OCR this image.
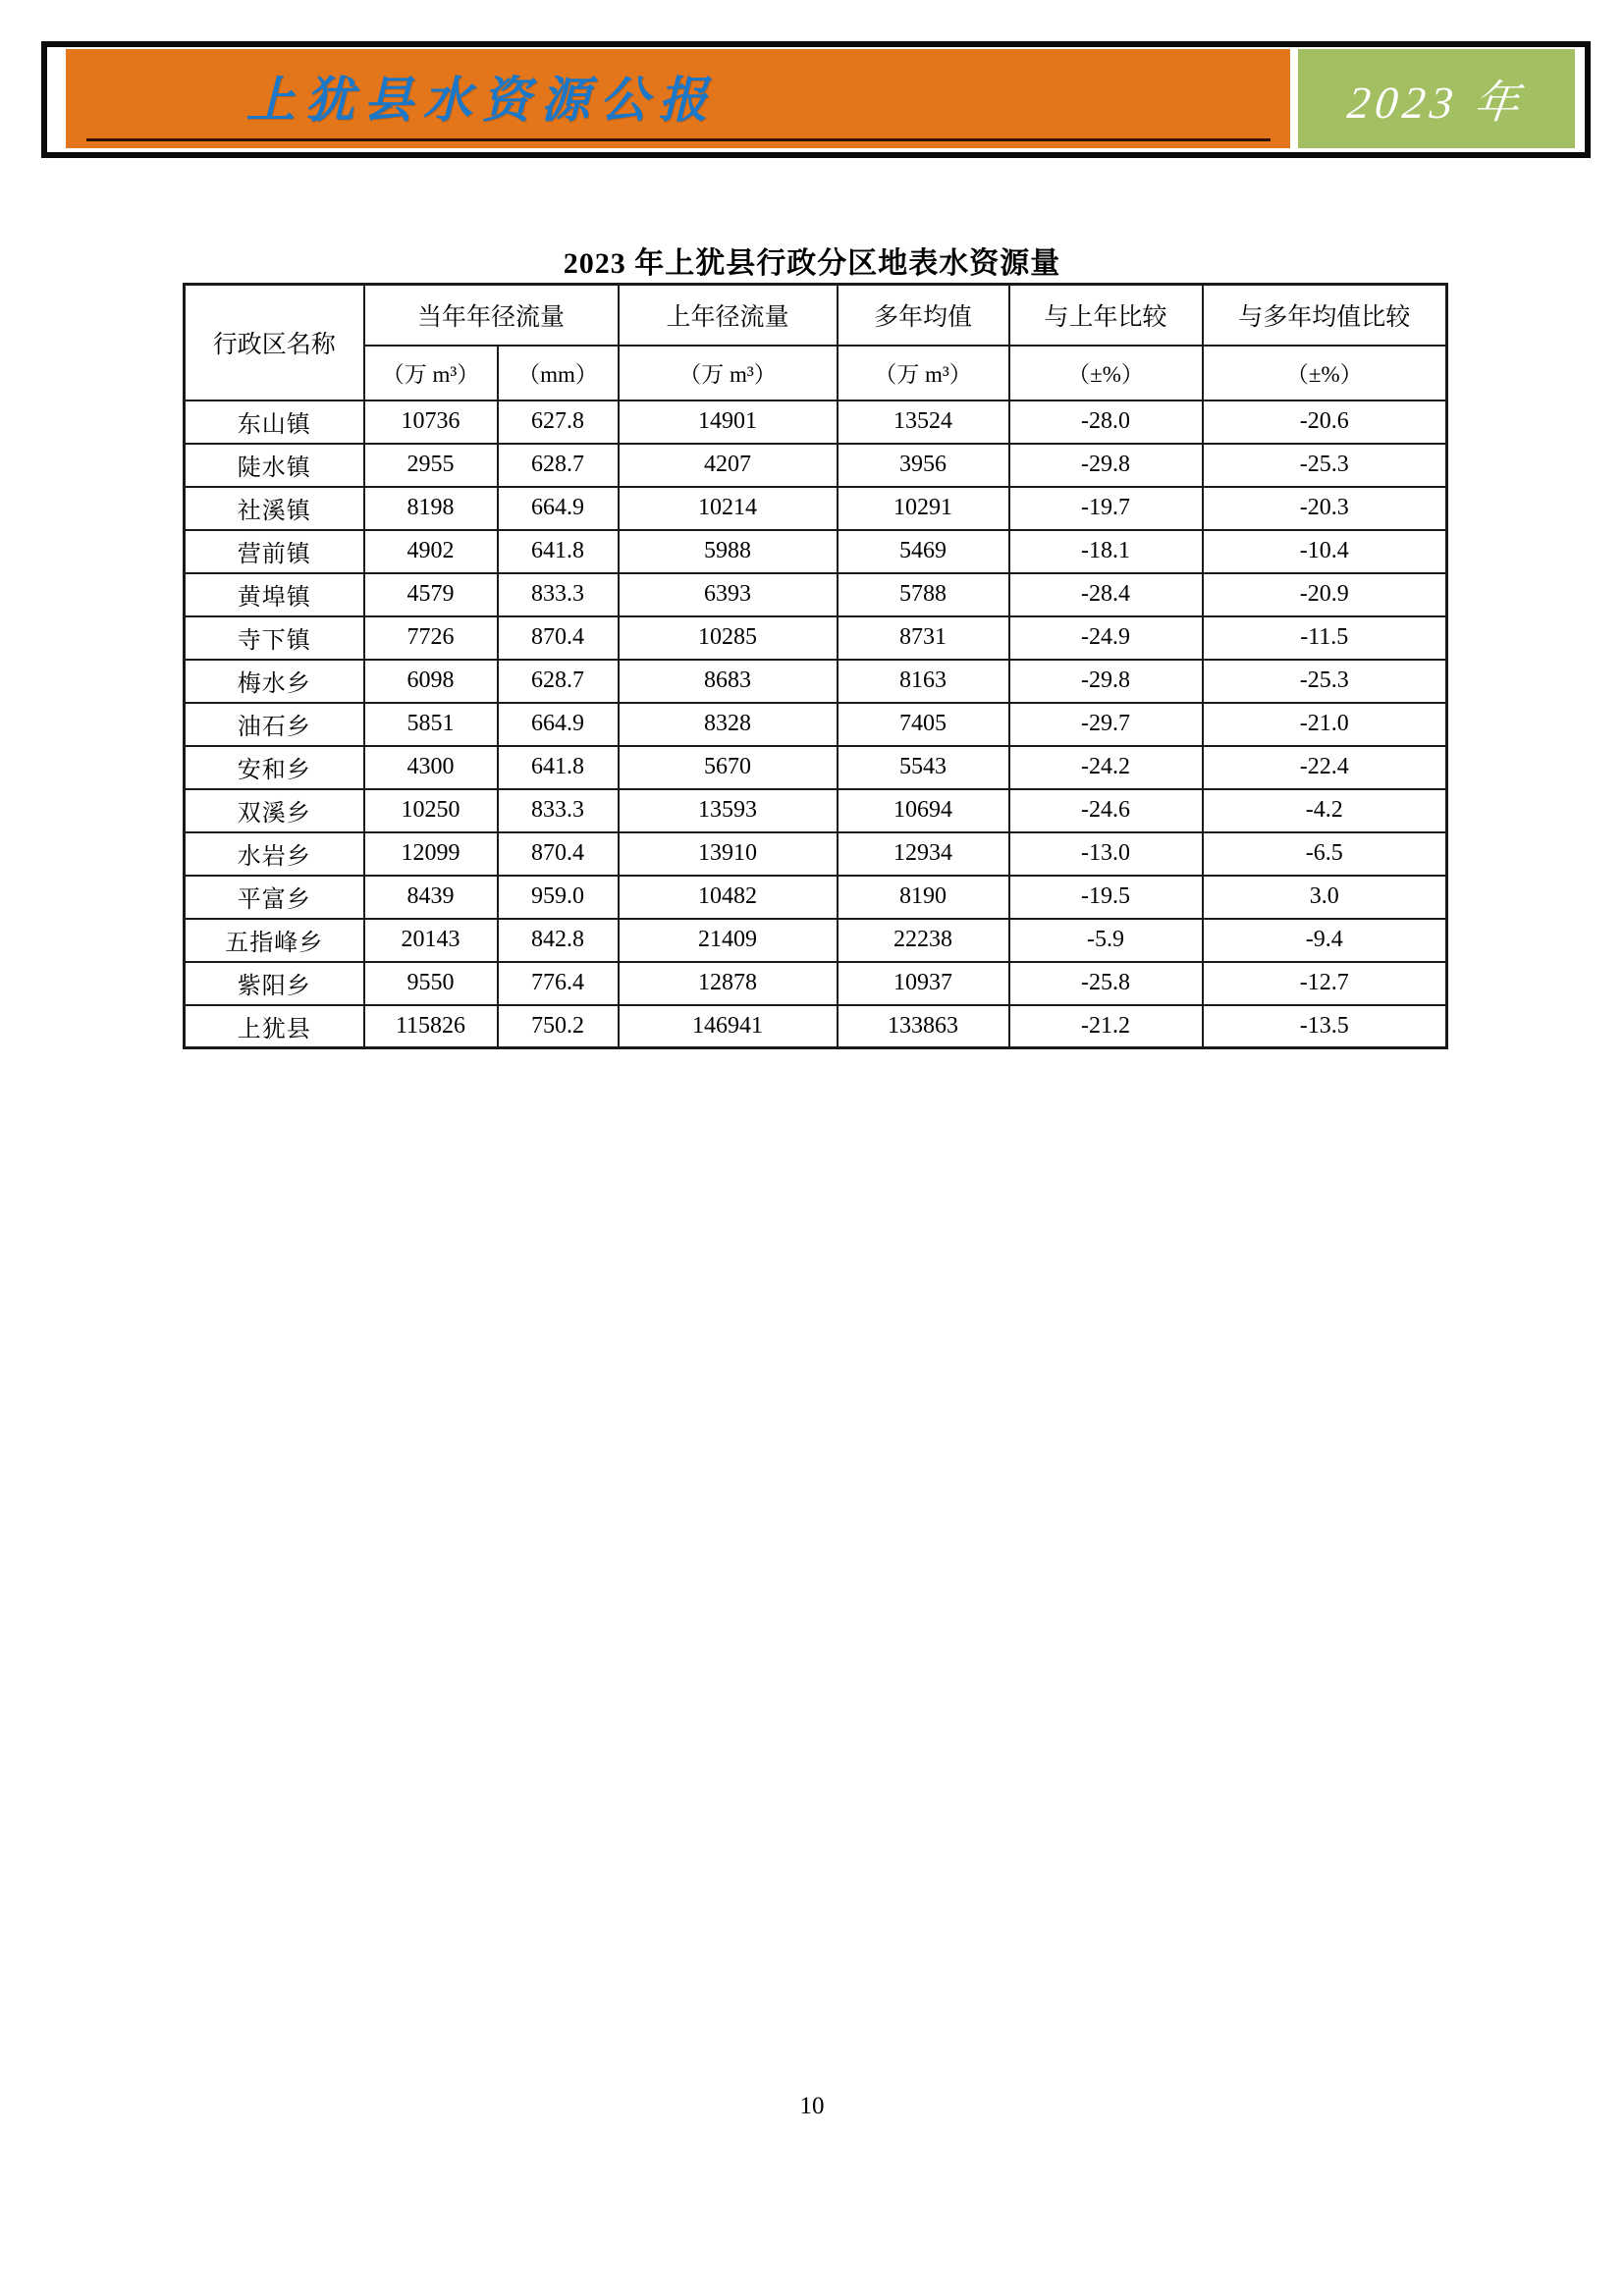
上犹县水资源公报	2023 年
2023 年上犹县行政分区地表水资源量
行政区名称	当年年径流量		上年径流量	多年均值	与上年比较	与多年均值比较
	（万 m³）	（mm）	（万 m³）	（万 m³）	（±%）	（±%）
东山镇	10736	627.8	14901	13524	-28.0	-20.6
陡水镇	2955	628.7	4207	3956	-29.8	-25.3
社溪镇	8198	664.9	10214	10291	-19.7	-20.3
营前镇	4902	641.8	5988	5469	-18.1	-10.4
黄埠镇	4579	833.3	6393	5788	-28.4	-20.9
寺下镇	7726	870.4	10285	8731	-24.9	-11.5
梅水乡	6098	628.7	8683	8163	-29.8	-25.3
油石乡	5851	664.9	8328	7405	-29.7	-21.0
安和乡	4300	641.8	5670	5543	-24.2	-22.4
双溪乡	10250	833.3	13593	10694	-24.6	-4.2
水岩乡	12099	870.4	13910	12934	-13.0	-6.5
平富乡	8439	959.0	10482	8190	-19.5	3.0
五指峰乡	20143	842.8	21409	22238	-5.9	-9.4
紫阳乡	9550	776.4	12878	10937	-25.8	-12.7
上犹县	115826	750.2	146941	133863	-21.2	-13.5
10
